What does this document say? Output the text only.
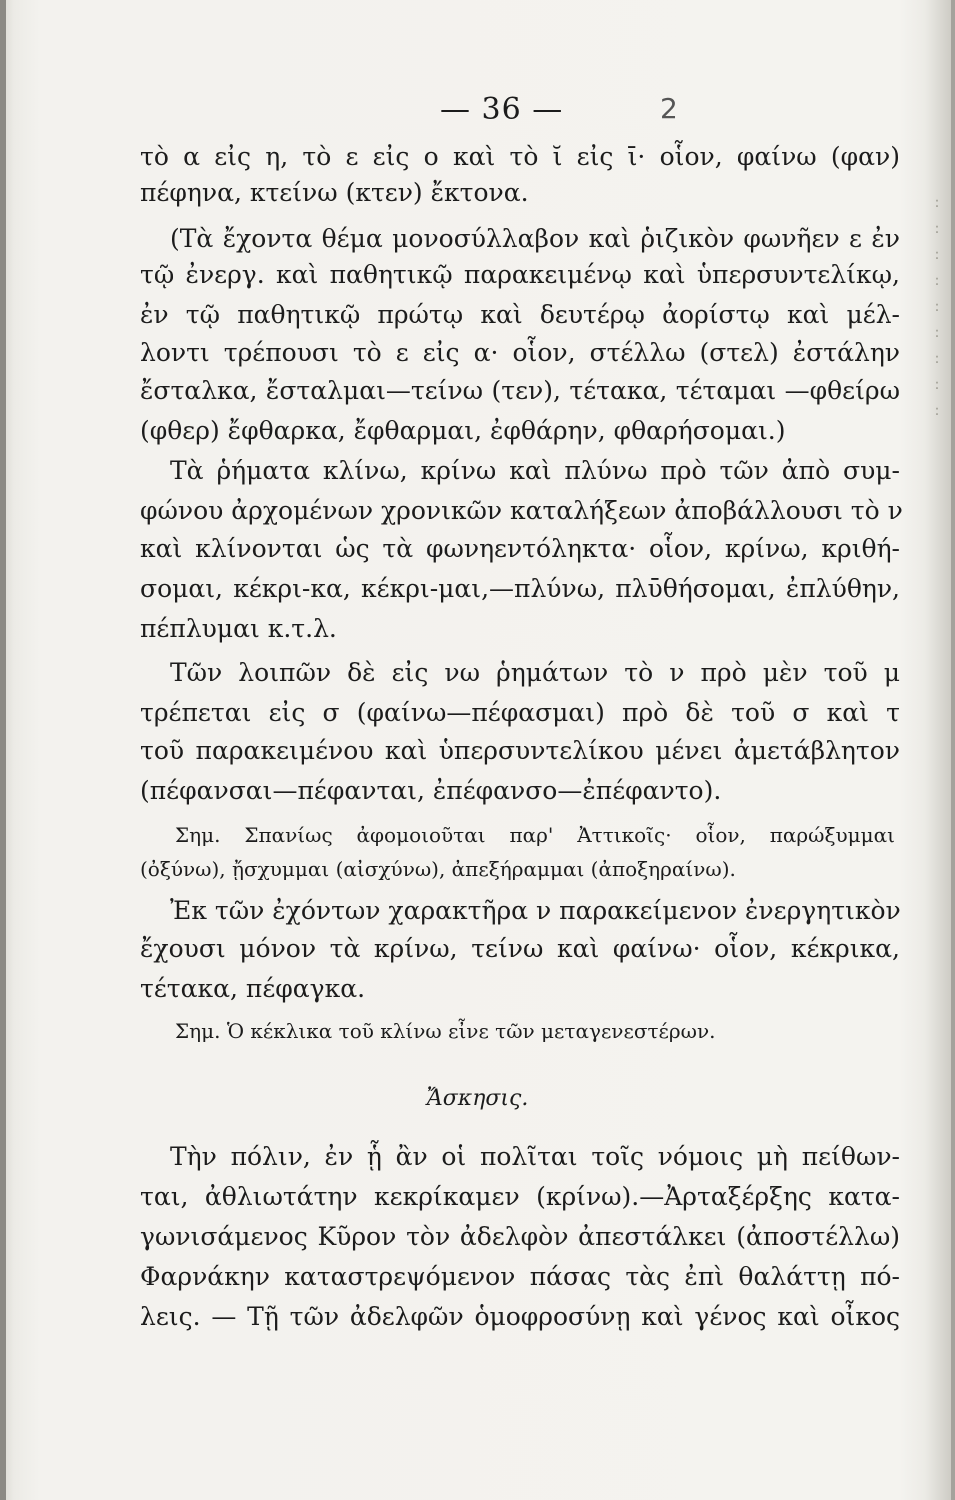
— 36 —	2
: : : : : : : : :
τὸ α εἰς η, τὸ ε εἰς ο καὶ τὸ ῐ εἰς ῑ· οἷον, φαίνω (φαν)
πέφηνα, κτείνω (κτεν) ἔκτονα.
(Τὰ ἔχοντα θέμα μονοσύλλαβον καὶ ῥιζικὸν φωνῆεν ε ἐν
τῷ ἐνεργ. καὶ παθητικῷ παρακειμένῳ καὶ ὑπερσυντελίκῳ,
ἐν τῷ παθητικῷ πρώτῳ καὶ δευτέρῳ ἀορίστῳ καὶ μέλ-
λοντι τρέπουσι τὸ ε εἰς α· οἷον, στέλλω (στελ) ἐστάλην
ἔσταλκα, ἔσταλμαι—τείνω (τεν), τέτακα, τέταμαι —φθείρω
(φθερ) ἔφθαρκα, ἔφθαρμαι, ἐφθάρην, φθαρήσομαι.)
Τὰ ῥήματα κλίνω, κρίνω καὶ πλύνω πρὸ τῶν ἀπὸ συμ-
φώνου ἀρχομένων χρονικῶν καταλήξεων ἀποβάλλουσι τὸ ν
καὶ κλίνονται ὡς τὰ φωνηεντόληκτα· οἷον, κρίνω, κριθή-
σομαι, κέκρι-κα, κέκρι-μαι,—πλύνω, πλῡθήσομαι, ἐπλύθην,
πέπλυμαι κ.τ.λ.
Τῶν λοιπῶν δὲ εἰς νω ῥημάτων τὸ ν πρὸ μὲν τοῦ μ
τρέπεται εἰς σ (φαίνω—πέφασμαι) πρὸ δὲ τοῦ σ καὶ τ
τοῦ παρακειμένου καὶ ὑπερσυντελίκου μένει ἀμετάβλητον
(πέφανσαι—πέφανται, ἐπέφανσο—ἐπέφαντο).
Σημ. Σπανίως ἀφομοιοῦται παρ' Ἀττικοῖς· οἷον, παρώξυμμαι
(ὀξύνω), ᾔσχυμμαι (αἰσχύνω), ἀπεξήραμμαι (ἀποξηραίνω).
Ἐκ τῶν ἐχόντων χαρακτῆρα ν παρακείμενον ἐνεργητικὸν
ἔχουσι μόνον τὰ κρίνω, τείνω καὶ φαίνω· οἷον, κέκρικα,
τέτακα, πέφαγκα.
Σημ. Ὁ κέκλικα τοῦ κλίνω εἶνε τῶν μεταγενεστέρων.
Ἄσκησις.
Τὴν πόλιν, ἐν ᾗ ἂν οἱ πολῖται τοῖς νόμοις μὴ πείθων-
ται, ἀθλιωτάτην κεκρίκαμεν (κρίνω).—Ἀρταξέρξης κατα-
γωνισάμενος Κῦρον τὸν ἀδελφὸν ἀπεστάλκει (ἀποστέλλω)
Φαρνάκην καταστρεψόμενον πάσας τὰς ἐπὶ θαλάττῃ πό-
λεις. — Τῇ τῶν ἀδελφῶν ὁμοφροσύνῃ καὶ γένος καὶ οἶκος
